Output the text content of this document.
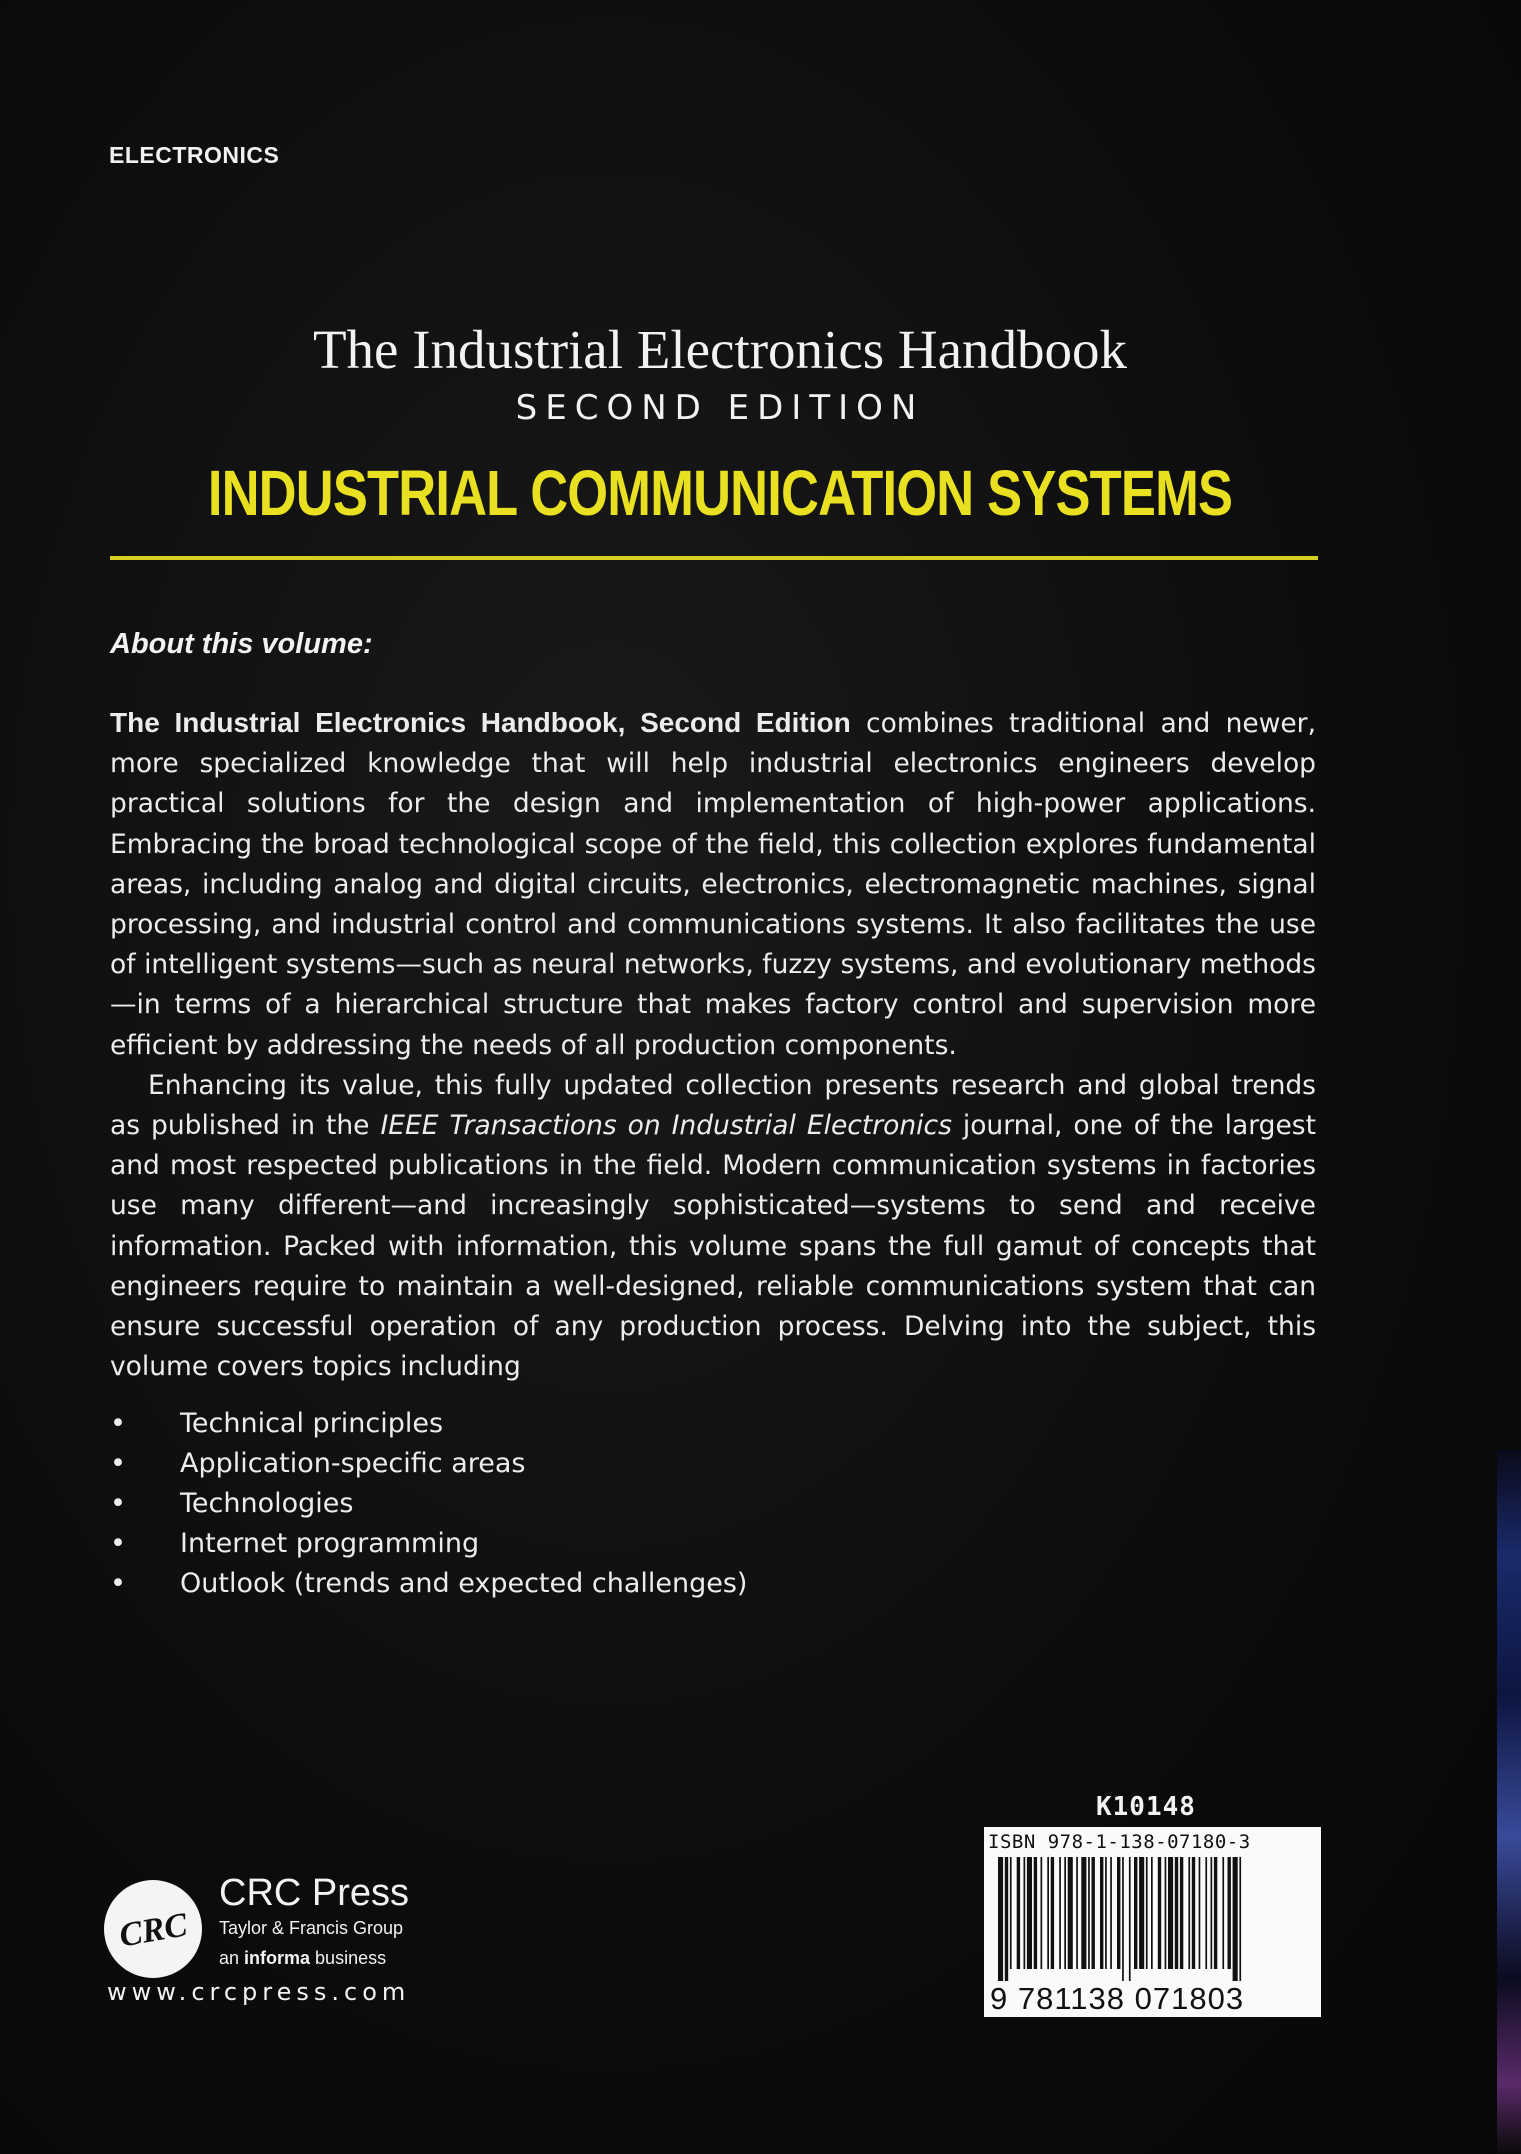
ELECTRONICS
The Industrial Electronics Handbook
SECOND EDITION
INDUSTRIAL COMMUNICATION SYSTEMS
About this volume:

The Industrial Electronics Handbook, Second Edition combines traditional and newer, more specialized knowledge that will help industrial electronics engineers develop practical solutions for the design and implementation of high-power applications. Embracing the broad technological scope of the field, this collection explores fundamental areas, including analog and digital circuits, electronics, electromagnetic machines, signal processing, and industrial control and communications systems. It also facilitates the use of intelligent systems—such as neural networks, fuzzy systems, and evolutionary methods—in terms of a hierarchical structure that makes factory control and supervision more efficient by addressing the needs of all production components.

Enhancing its value, this fully updated collection presents research and global trends as published in the IEEE Transactions on Industrial Electronics journal, one of the largest and most respected publications in the field. Modern communication systems in factories use many different—and increasingly sophisticated—systems to send and receive information. Packed with information, this volume spans the full gamut of concepts that engineers require to maintain a well-designed, reliable communications system that can ensure successful operation of any production process. Delving into the subject, this volume covers topics including

• Technical principles
• Application-specific areas
• Technologies
• Internet programming
• Outlook (trends and expected challenges)
CRC
CRC Press
Taylor & Francis Group
an informa business
www.crcpress.com
K10148
ISBN 978-1-138-07180-3
9 781138 071803
